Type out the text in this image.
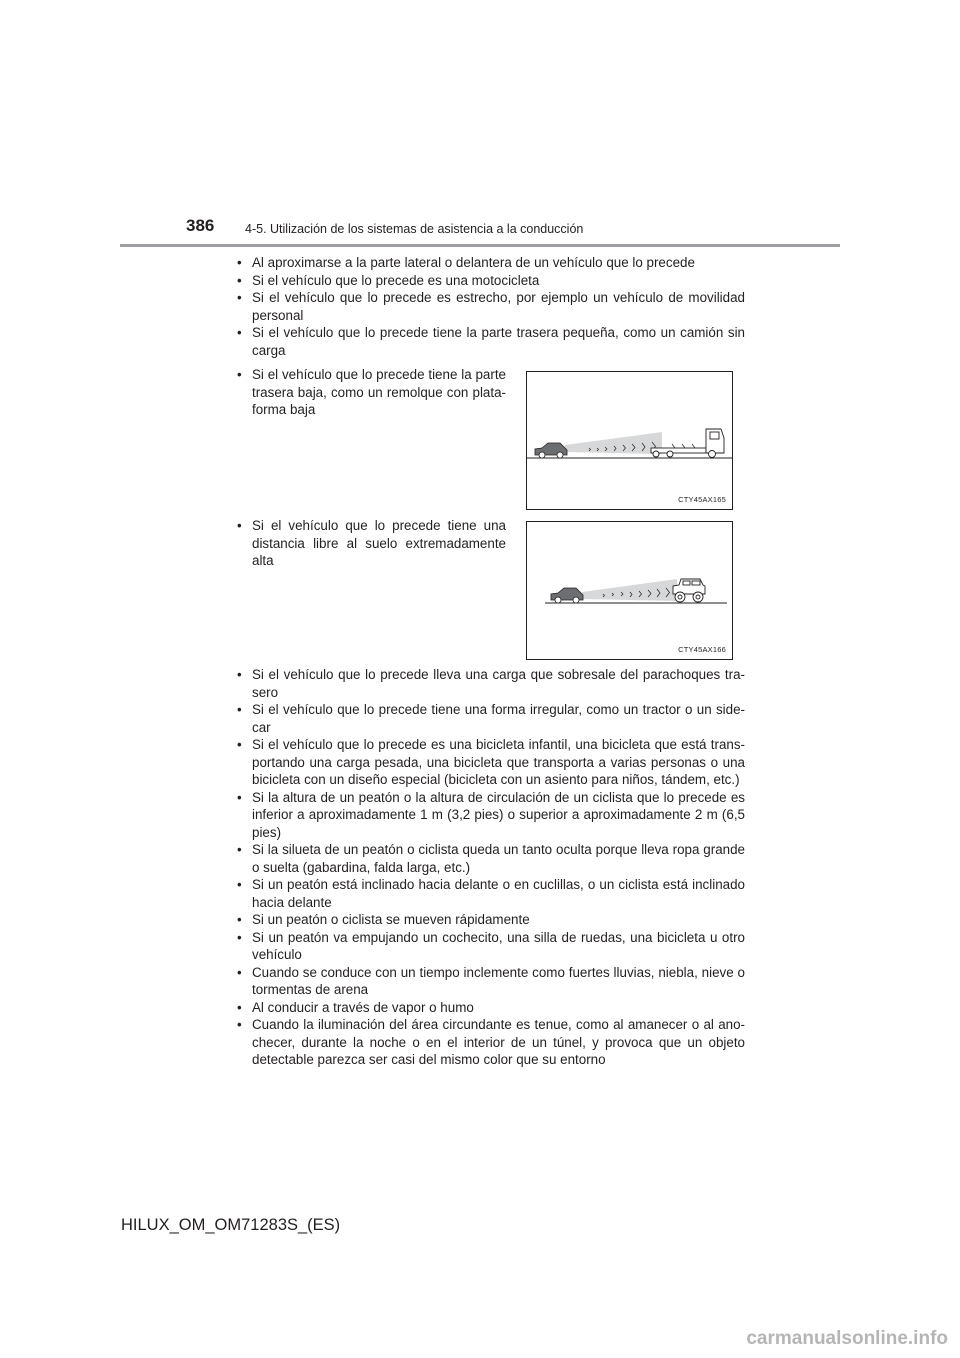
386 4-5. Utilización de los sistemas de asistencia a la conducción
• Al aproximarse a la parte lateral o delantera de un vehículo que lo precede
• Si el vehículo que lo precede es una motocicleta
• Si el vehículo que lo precede es estrecho, por ejemplo un vehículo de movilidad personal
• Si el vehículo que lo precede tiene la parte trasera pequeña, como un camión sin carga
• Si el vehículo que lo precede tiene la parte trasera baja, como un remolque con plata-forma baja
CTY45AX165
• Si el vehículo que lo precede tiene una distancia libre al suelo extremadamente alta
CTY45AX166
• Si el vehículo que lo precede lleva una carga que sobresale del parachoques tra-sero
• Si el vehículo que lo precede tiene una forma irregular, como un tractor o un side-car
• Si el vehículo que lo precede es una bicicleta infantil, una bicicleta que está trans-portando una carga pesada, una bicicleta que transporta a varias personas o una bicicleta con un diseño especial (bicicleta con un asiento para niños, tándem, etc.)
• Si la altura de un peatón o la altura de circulación de un ciclista que lo precede es inferior a aproximadamente 1 m (3,2 pies) o superior a aproximadamente 2 m (6,5 pies)
• Si la silueta de un peatón o ciclista queda un tanto oculta porque lleva ropa grande o suelta (gabardina, falda larga, etc.)
• Si un peatón está inclinado hacia delante o en cuclillas, o un ciclista está inclinado hacia delante
• Si un peatón o ciclista se mueven rápidamente
• Si un peatón va empujando un cochecito, una silla de ruedas, una bicicleta u otro vehículo
• Cuando se conduce con un tiempo inclemente como fuertes lluvias, niebla, nieve o tormentas de arena
• Al conducir a través de vapor o humo
• Cuando la iluminación del área circundante es tenue, como al amanecer o al ano-checer, durante la noche o en el interior de un túnel, y provoca que un objeto detectable parezca ser casi del mismo color que su entorno
HILUX_OM_OM71283S_(ES)
carmanualsonline.info
